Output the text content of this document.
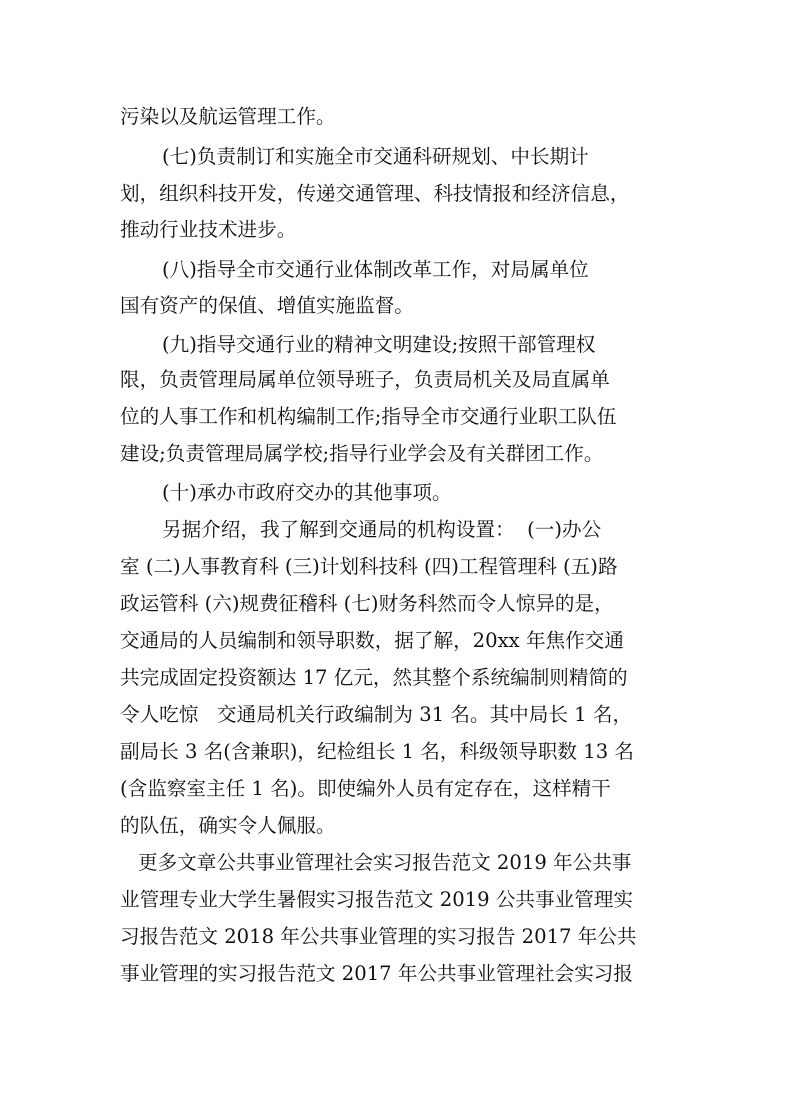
污染以及航运管理工作。
(七)负责制订和实施全市交通科研规划、中长期计
划，组织科技开发，传递交通管理、科技情报和经济信息，
推动行业技术进步。
(八)指导全市交通行业体制改革工作，对局属单位
国有资产的保值、增值实施监督。
(九)指导交通行业的精神文明建设;按照干部管理权
限，负责管理局属单位领导班子，负责局机关及局直属单
位的人事工作和机构编制工作;指导全市交通行业职工队伍
建设;负责管理局属学校;指导行业学会及有关群团工作。
(十)承办市政府交办的其他事项。
另据介绍，我了解到交通局的机构设置：  (一)办公
室 (二)人事教育科 (三)计划科技科 (四)工程管理科 (五)路
政运管科 (六)规费征稽科 (七)财务科然而令人惊异的是，
交通局的人员编制和领导职数，据了解，20xx 年焦作交通
共完成固定投资额达 17 亿元，然其整个系统编制则精简的
令人吃惊   交通局机关行政编制为 31 名。其中局长 1 名，
副局长 3 名(含兼职)，纪检组长 1 名，科级领导职数 13 名
(含监察室主任 1 名)。即使编外人员有定存在，这样精干
的队伍，确实令人佩服。
更多文章公共事业管理社会实习报告范文 2019 年公共事
业管理专业大学生暑假实习报告范文 2019 公共事业管理实
习报告范文 2018 年公共事业管理的实习报告 2017 年公共
事业管理的实习报告范文 2017 年公共事业管理社会实习报
